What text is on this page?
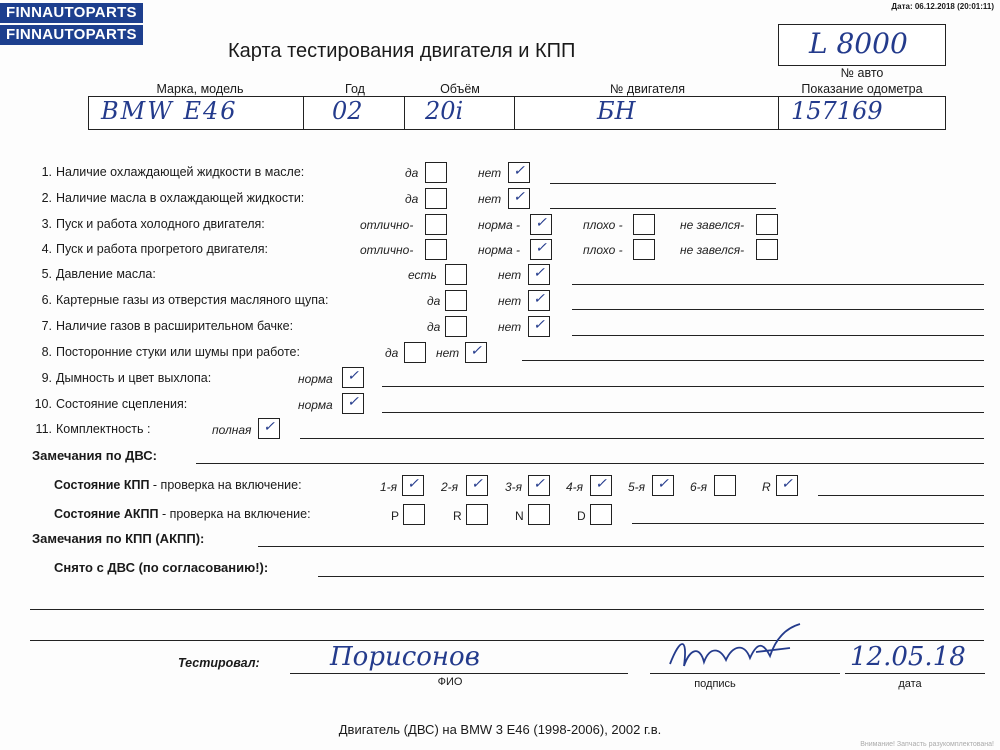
FINNAUTOPARTS
FINNAUTOPARTS
Дата: 06.12.2018 (20:01:11)
Карта тестирования двигателя и КПП	L 8000
№ авто
Марка, модель	Год	Объём	№ двигателя	Показание одометра
BMW E46	02	20i	БН	157169
1. Наличие охлаждающей жидкости в масле:	да	нет ✓
2. Наличие масла в охлаждающей жидкости:	да	нет ✓
3. Пуск и работа холодного двигателя:	отлично-	норма -	✓	плохо -	не завелся-
4. Пуск и работа прогретого двигателя:	отлично-	норма -	✓	плохо -	не завелся-
5. Давление масла:	есть	нет ✓
6. Картерные газы из отверстия масляного щупа:	да	нет ✓
7. Наличие газов в расширительном бачке:	да	нет ✓
8. Посторонние стуки или шумы при работе:	да	нет ✓
9. Дымность и цвет выхлопа:	норма	✓
10. Состояние сцепления:	норма	✓
11. Комплектность :	полная ✓
Замечания по ДВС:
Состояние КПП - проверка на включение:	1-я ✓	2-я ✓	3-я ✓	4-я ✓	5-я ✓	6-я	R ✓
Состояние АКПП - проверка на включение:	P	R	N	D
Замечания по КПП (АКПП):
Снято с ДВС (по согласованию!):
Тестировал:	Порисонов
ФИО	подпись
12.05.18
дата
Двигатель (ДВС) на BMW 3 E46 (1998-2006), 2002 г.в.
Внимание! Запчасть разукомплектована!
